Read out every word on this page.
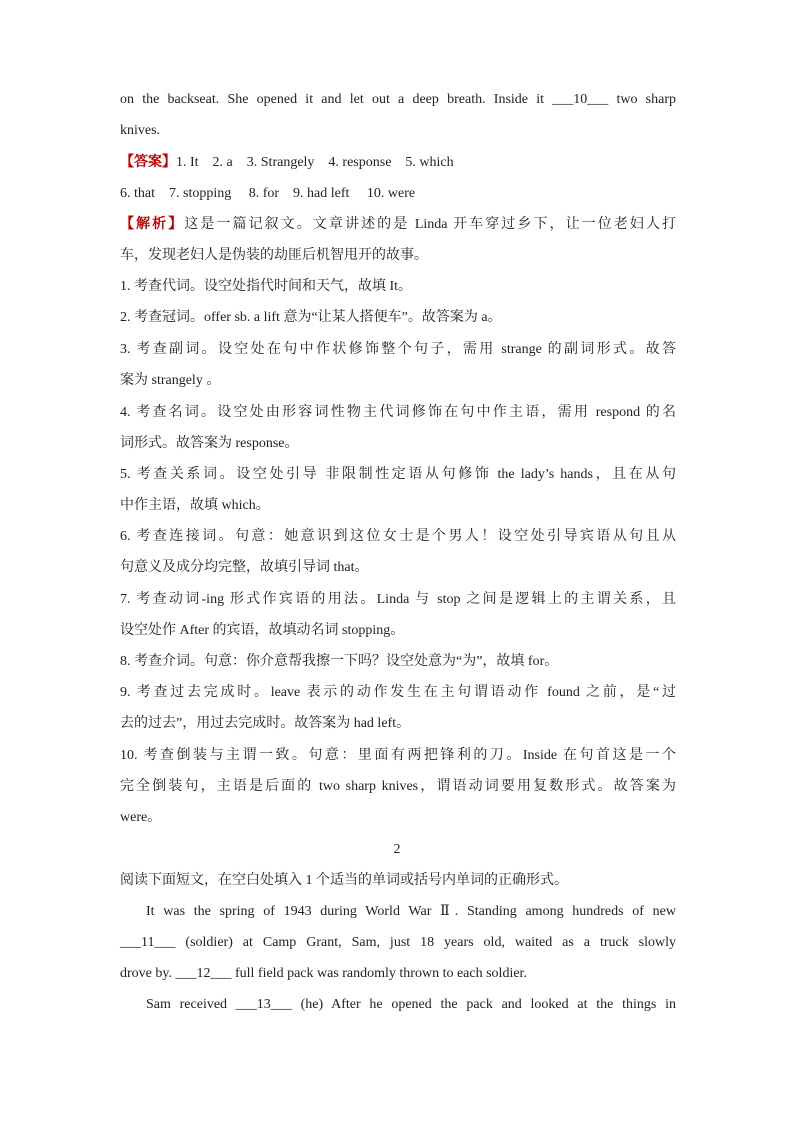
on the backseat. She opened it and let out a deep breath. Inside it ___10___ two sharp
knives.
【答案】1. It    2. a    3. Strangely    4. response    5. which
6. that    7. stopping     8. for    9. had left     10. were
【解析】这是一篇记叙文。文章讲述的是 Linda 开车穿过乡下，让一位老妇人打
车，发现老妇人是伪装的劫匪后机智甩开的故事。
1. 考查代词。设空处指代时间和天气，故填 It。
2. 考查冠词。offer sb. a lift 意为“让某人搭便车”。故答案为 a。
3. 考查副词。设空处在句中作状修饰整个句子，需用 strange 的副词形式。故答
案为 strangely 。
4. 考查名词。设空处由形容词性物主代词修饰在句中作主语，需用 respond 的名
词形式。故答案为 response。
5. 考查关系词。设空处引导 非限制性定语从句修饰 the lady’s hands，且在从句
中作主语，故填 which。
6. 考查连接词。句意：她意识到这位女士是个男人！设空处引导宾语从句且从
句意义及成分均完整，故填引导词 that。
7. 考查动词-ing 形式作宾语的用法。Linda 与 stop 之间是逻辑上的主谓关系，且
设空处作 After 的宾语，故填动名词 stopping。
8. 考查介词。句意：你介意帮我擦一下吗？设空处意为“为”，故填 for。
9. 考查过去完成时。leave 表示的动作发生在主句谓语动作 found 之前，是“过
去的过去”，用过去完成时。故答案为 had left。
10. 考查倒装与主谓一致。句意：里面有两把锋利的刀。Inside 在句首这是一个
完全倒装句，主语是后面的 two sharp knives，谓语动词要用复数形式。故答案为
were。
2
阅读下面短文，在空白处填入 1 个适当的单词或括号内单词的正确形式。
It was the spring of 1943 during World War Ⅱ. Standing among hundreds of new
___11___ (soldier) at Camp Grant, Sam, just 18 years old, waited as a truck slowly
drove by. ___12___ full field pack was randomly thrown to each soldier.
Sam received ___13___ (he) After he opened the pack and looked at the things in
